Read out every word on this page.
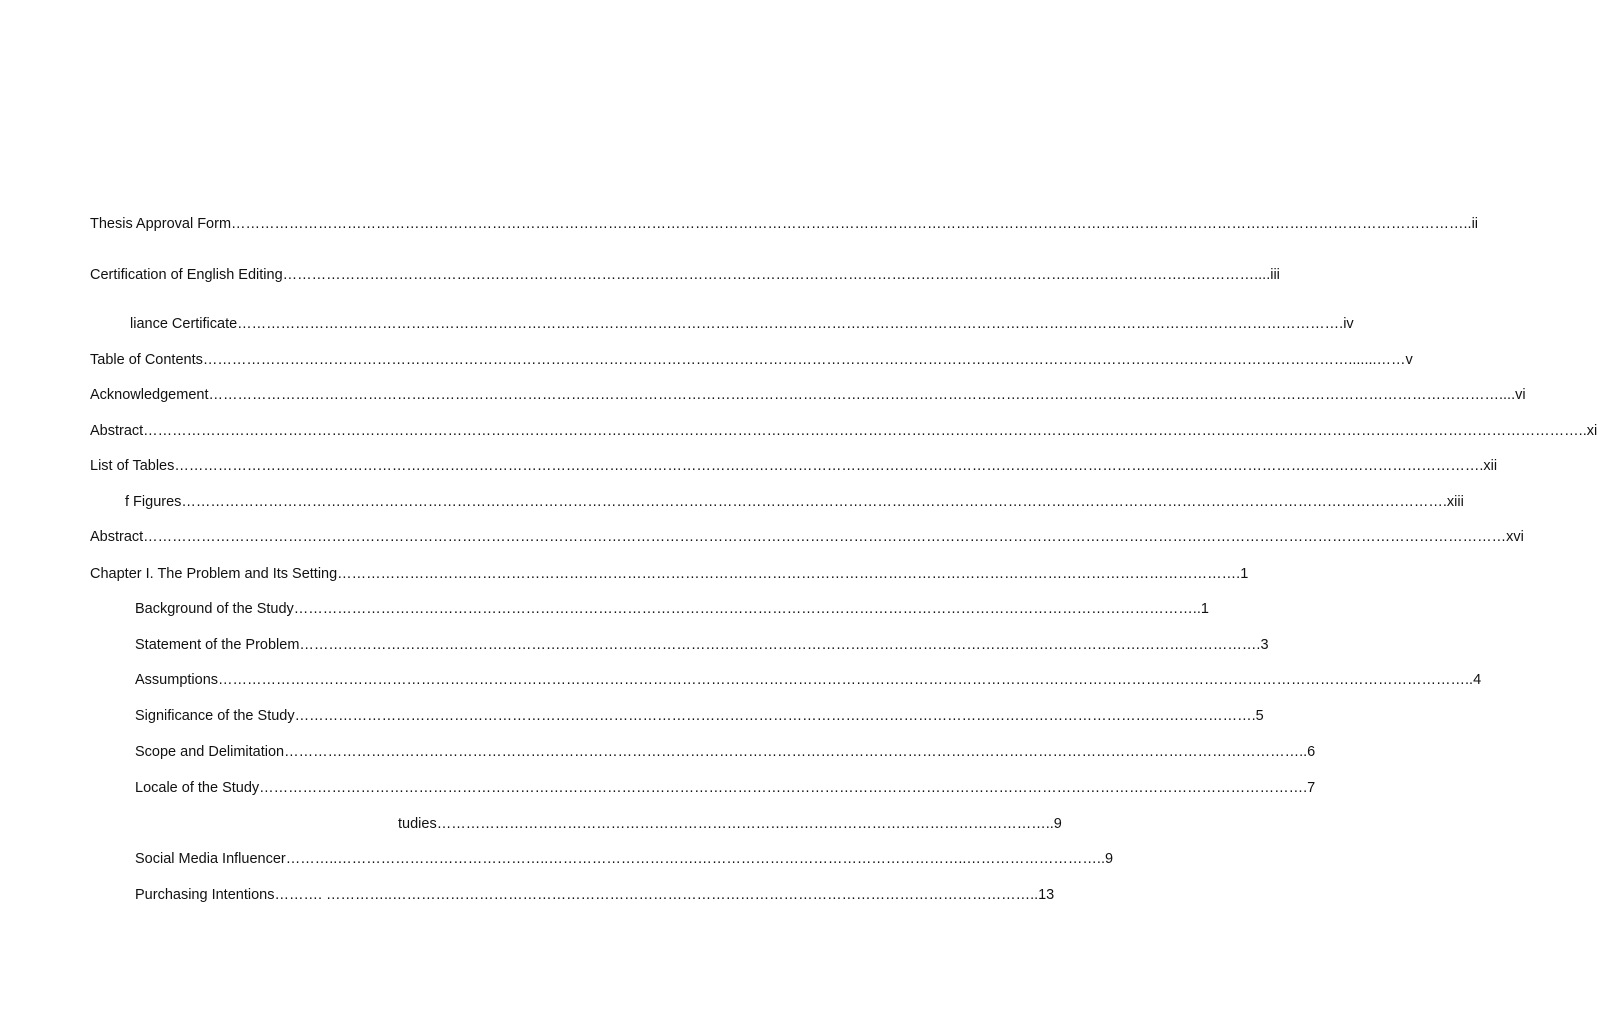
Thesis Approval Form…………………………………………………………………………………………………………………………………………………………………………………………………………………………………..ii
Certification of English Editing…………………………………………………………………………………………………………………………………………………………………………………....iii
liance Certificate………………………………………………………………………………………………………………………………………………………………………………………………………….iv
Table of Contents………………………………………………………………………………………………………………………………………………………………………………………………………………….......……v
Acknowledgement……………………………………………………………………………………………………………………………………………………………………………………………………………………………………………....vi
Abstract………………………………………………………………………………………………………………………………………………………………………………………………………………………………………………………………………..xi
List of Tables……………………………………………………………………………………………………………………………………………………………………………………………………………………………………………….xii
f Figures……………………………………………………………………………………………………………………………………………………………………………………………………………………………………….xiii
Abstract…………………………………………………………………………………………………………………………………………………………………………………………………………………………………………………………xvi
Chapter I. The Problem and Its Setting…………………………………………………………………………………………………………………………………………………………………….1
Background of the Study……………………………………………………………………………………………………………………………………………………………………..1
Statement of the Problem……………………………………………………………………………………………………………………………………………………………………………….3
Assumptions……………………………………………………………………………………………………………………………………………………………………………………………………………………………………..4
Significance of the Study……………………………………………………………………………………………………………………………………………………………………………….5
Scope and Delimitation…………………………………………………………………………………………………………………………………………………………………………………………..6
Locale of the Study……………………………………………………………………………………………………………………………………………………………………………………………….7
tudies………………………………………………………………………………………………………………..9
Social Media Influencer………..……………………………………..………………………….………………………………………………..………………………..9
Purchasing Intentions………. …………..……………………………………………………………………………………………………………………..13
